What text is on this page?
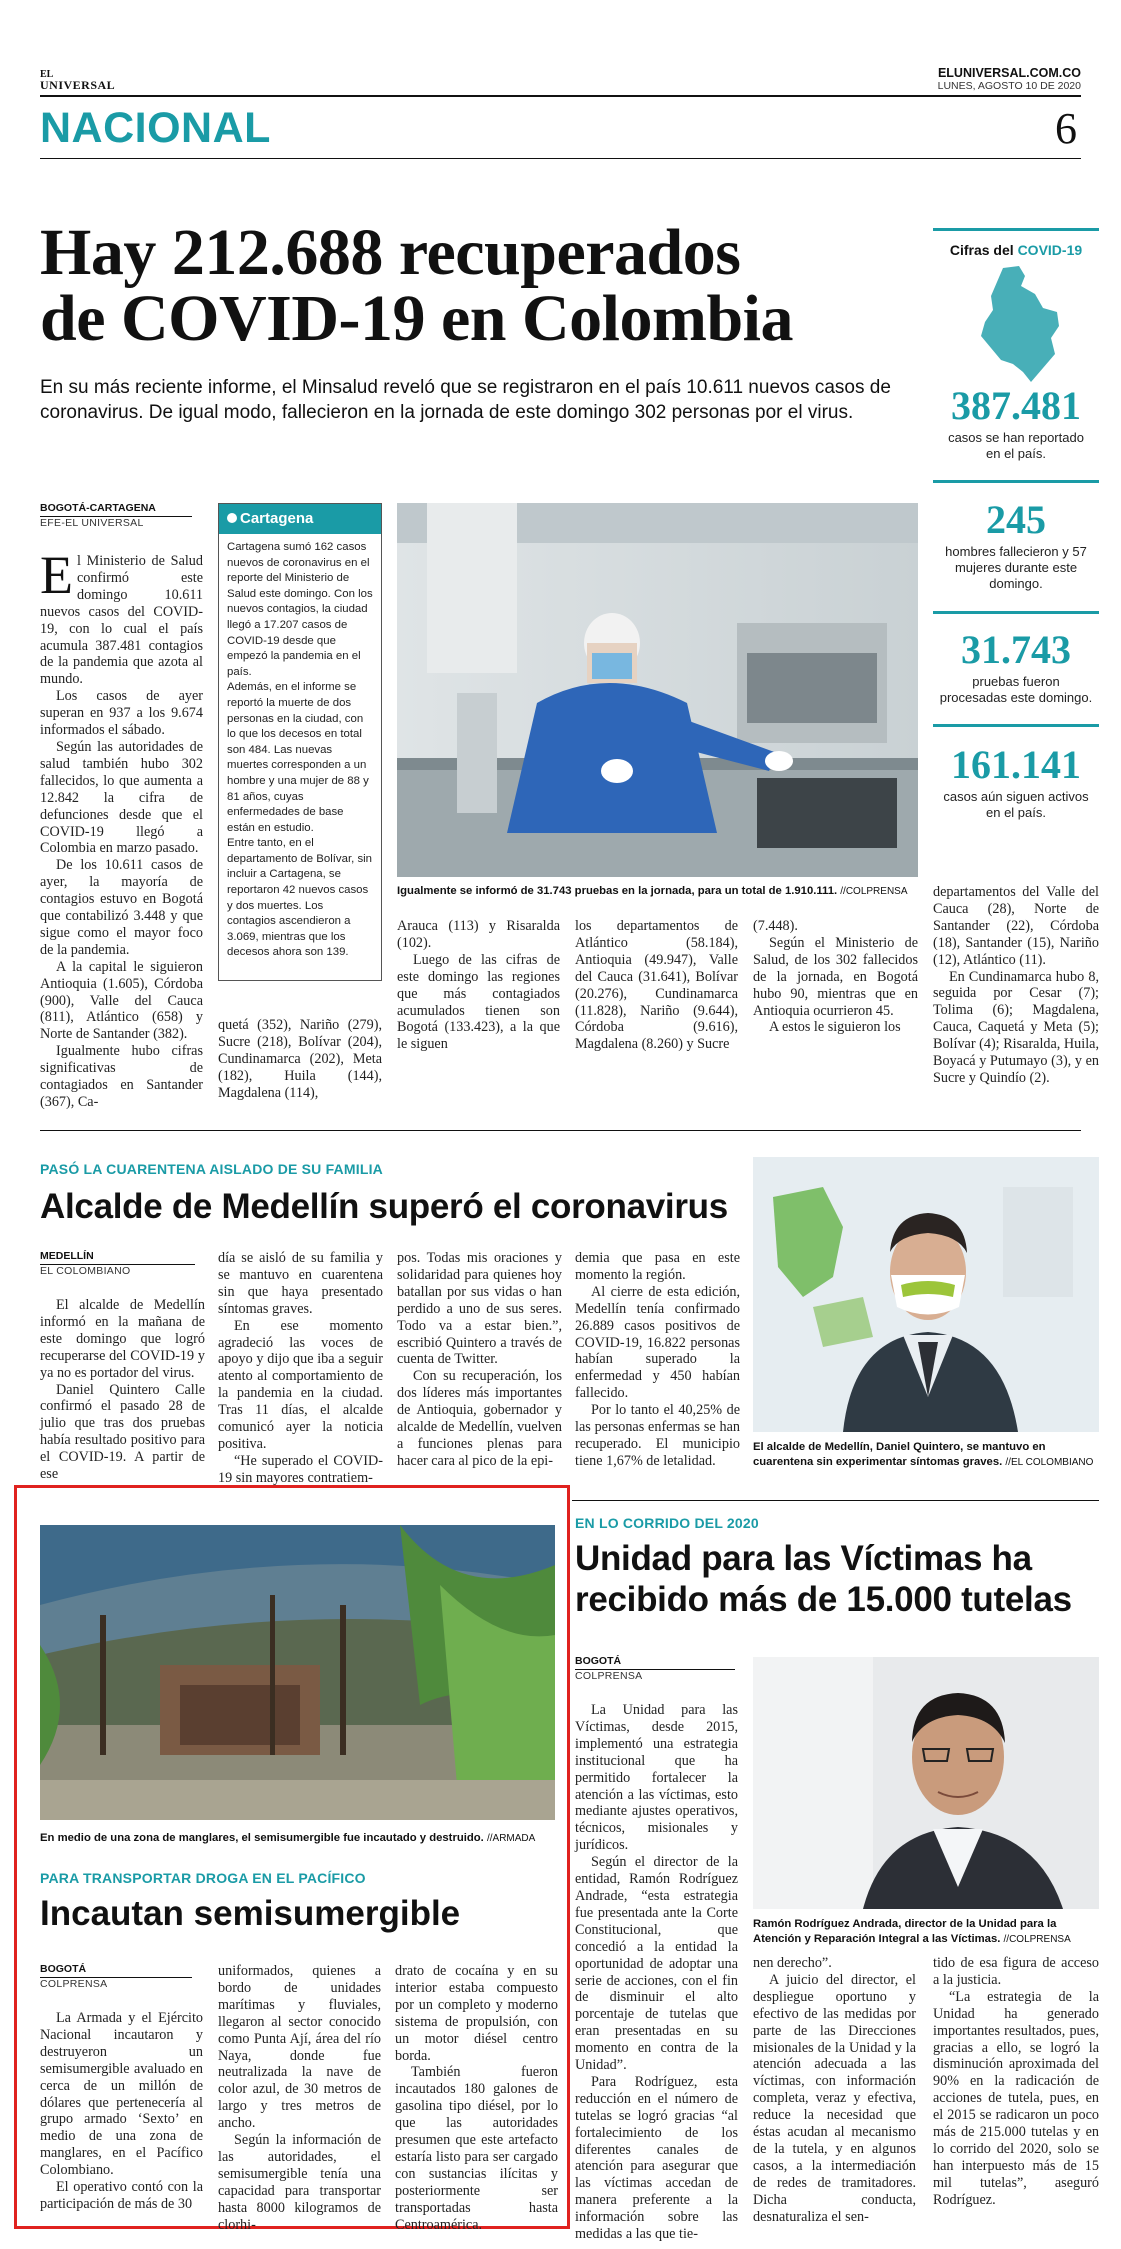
EL
UNIVERSAL
ELUNIVERSAL.COM.CO
LUNES, AGOSTO 10 DE 2020
NACIONAL	6
Hay 212.688 recuperados
de COVID-19 en Colombia
En su más reciente informe, el Minsalud reveló que se registraron en el país 10.611 nuevos casos de coronavirus. De igual modo, fallecieron en la jornada de este domingo 302 personas por el virus.
BOGOTÁ-CARTAGENA
EFE-EL UNIVERSAL

El Ministerio de Salud confirmó este domingo 10.611 nuevos casos del COVID-19, con lo cual el país acumula 387.481 contagios de la pandemia que azota al mundo.

Los casos de ayer superan en 937 a los 9.674 informados el sábado.

Según las autoridades de salud también hubo 302 fallecidos, lo que aumenta a 12.842 la cifra de defunciones desde que el COVID-19 llegó a Colombia en marzo pasado.

De los 10.611 casos de ayer, la mayoría de contagios estuvo en Bogotá que contabilizó 3.448 y que sigue como el mayor foco de la pandemia.

A la capital le siguieron Antioquia (1.605), Córdoba (900), Valle del Cauca (811), Atlántico (658) y Norte de Santander (382).

Igualmente hubo cifras significativas de contagiados en Santander (367), Ca-

Cartagena

Cartagena sumó 162 casos nuevos de coronavirus en el reporte del Ministerio de Salud este domingo. Con los nuevos contagios, la ciudad llegó a 17.207 casos de COVID-19 desde que empezó la pandemia en el país.

Además, en el informe se reportó la muerte de dos personas en la ciudad, con lo que los decesos en total son 484. Las nuevas muertes corresponden a un hombre y una mujer de 88 y 81 años, cuyas enfermedades de base están en estudio.

Entre tanto, en el departamento de Bolívar, sin incluir a Cartagena, se reportaron 42 nuevos casos y dos muertes. Los contagios ascendieron a 3.069, mientras que los decesos ahora son 139.

quetá (352), Nariño (279), Sucre (218), Bolívar (204), Cundinamarca (202), Meta (182), Huila (144), Magdalena (114),
Igualmente se informó de 31.743 pruebas en la jornada, para un total de 1.910.111. //COLPRENSA

Arauca (113) y Risaralda (102).

Luego de las cifras de este domingo las regiones que más contagiados acumulados tienen son Bogotá (133.423), a la que le siguen

los departamentos de Atlántico (58.184), Antioquia (49.947), Valle del Cauca (31.641), Bolívar (20.276), Cundinamarca (11.828), Nariño (9.644), Córdoba (9.616), Magdalena (8.260) y Sucre

(7.448).

Según el Ministerio de Salud, de los 302 fallecidos de la jornada, en Bogotá hubo 90, mientras que en Antioquia ocurrieron 45.

A estos le siguieron los

departamentos del Valle del Cauca (28), Norte de Santander (22), Córdoba (18), Santander (15), Nariño (12), Atlántico (11).

En Cundinamarca hubo 8, seguida por Cesar (7); Tolima (6); Magdalena, Cauca, Caquetá y Meta (5); Bolívar (4); Risaralda, Huila, Boyacá y Putumayo (3), y en Sucre y Quindío (2).

Cifras del COVID-19
387.481
casos se han reportado en el país.
245
hombres fallecieron y 57 mujeres durante este domingo.
31.743
pruebas fueron procesadas este domingo.
161.141
casos aún siguen activos en el país.
PASÓ LA CUARENTENA AISLADO DE SU FAMILIA
Alcalde de Medellín superó el coronavirus
MEDELLÍN
EL COLOMBIANO

El alcalde de Medellín informó en la mañana de este domingo que logró recuperarse del COVID-19 y ya no es portador del virus.

Daniel Quintero Calle confirmó el pasado 28 de julio que tras dos pruebas había resultado positivo para el COVID-19. A partir de ese

día se aisló de su familia y se mantuvo en cuarentena sin que haya presentado síntomas graves.

En ese momento agradeció las voces de apoyo y dijo que iba a seguir atento al comportamiento de la pandemia en la ciudad. Tras 11 días, el alcalde comunicó ayer la noticia positiva.

“He superado el COVID-19 sin mayores contratiem-

pos. Todas mis oraciones y solidaridad para quienes hoy batallan por sus vidas o han perdido a uno de sus seres. Todo va a estar bien.”, escribió Quintero a través de cuenta de Twitter.

Con su recuperación, los dos líderes más importantes de Antioquia, gobernador y alcalde de Medellín, vuelven a funciones plenas para hacer cara al pico de la epi-

demia que pasa en este momento la región.

Al cierre de esta edición, Medellín tenía confirmado 26.889 casos positivos de COVID-19, 16.822 personas habían superado la enfermedad y 450 habían fallecido.

Por lo tanto el 40,25% de las personas enfermas se han recuperado. El municipio tiene 1,67% de letalidad.

El alcalde de Medellín, Daniel Quintero, se mantuvo en cuarentena sin experimentar síntomas graves. //EL COLOMBIANO
En medio de una zona de manglares, el semisumergible fue incautado y destruido. //ARMADA
PARA TRANSPORTAR DROGA EN EL PACÍFICO
Incautan semisumergible
BOGOTÁ
COLPRENSA

La Armada y el Ejército Nacional incautaron y destruyeron un semisumergible avaluado en cerca de un millón de dólares que pertenecería al grupo armado ‘Sexto’ en medio de una zona de manglares, en el Pacífico Colombiano.

El operativo contó con la participación de más de 30

uniformados, quienes a bordo de unidades marítimas y fluviales, llegaron al sector conocido como Punta Ají, área del río Naya, donde fue neutralizada la nave de color azul, de 30 metros de largo y tres metros de ancho.

Según la información de las autoridades, el semisumergible tenía una capacidad para transportar hasta 8000 kilogramos de clorhi-

drato de cocaína y en su interior estaba compuesto por un completo y moderno sistema de propulsión, con un motor diésel centro borda.

También fueron incautados 180 galones de gasolina tipo diésel, por lo que las autoridades presumen que este artefacto estaría listo para ser cargado con sustancias ilícitas y posteriormente ser transportadas hasta Centroamérica.

EN LO CORRIDO DEL 2020
Unidad para las Víctimas ha
recibido más de 15.000 tutelas
BOGOTÁ
COLPRENSA

La Unidad para las Víctimas, desde 2015, implementó una estrategia institucional que ha permitido fortalecer la atención a las víctimas, esto mediante ajustes operativos, técnicos, misionales y jurídicos.

Según el director de la entidad, Ramón Rodríguez Andrade, “esta estrategia fue presentada ante la Corte Constitucional, que concedió a la entidad la oportunidad de adoptar una serie de acciones, con el fin de disminuir el alto porcentaje de tutelas que eran presentadas en su momento en contra de la Unidad”.

Para Rodríguez, esta reducción en el número de tutelas se logró gracias “al fortalecimiento de los diferentes canales de atención para asegurar que las víctimas accedan de manera preferente a la información sobre las medidas a las que tie-

Ramón Rodríguez Andrada, director de la Unidad para la Atención y Reparación Integral a las Víctimas. //COLPRENSA

nen derecho”.

A juicio del director, el despliegue oportuno y efectivo de las medidas por parte de las Direcciones misionales de la Unidad y la atención adecuada a las víctimas, con información completa, veraz y efectiva, reduce la necesidad que éstas acudan al mecanismo de la tutela, y en algunos casos, a la intermediación de redes de tramitadores. Dicha conducta, desnaturaliza el sen-

tido de esa figura de acceso a la justicia.

“La estrategia de la Unidad ha generado importantes resultados, pues, gracias a ello, se logró la disminución aproximada del 90% en la radicación de acciones de tutela, pues, en el 2015 se radicaron un poco más de 215.000 tutelas y en lo corrido del 2020, solo se han interpuesto más de 15 mil tutelas”, aseguró Rodríguez.
